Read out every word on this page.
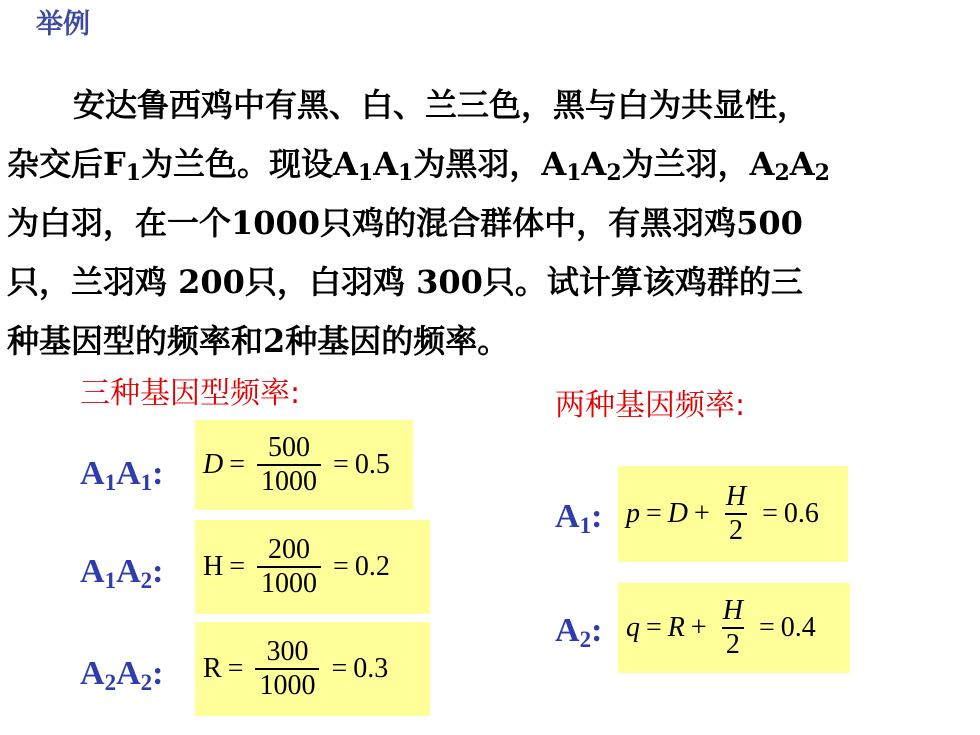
举例
安达鲁西鸡中有黑、白、兰三色，黑与白为共显性，
杂交后$F_1$为兰色。现设$A_1A_1$为黑羽，$A_1A_2$为兰羽，$A_2A_2$
为白羽，在一个1000只鸡的混合群体中，有黑羽鸡500
只，兰羽鸡 200只，白羽鸡 300只。试计算该鸡群的三
种基因型的频率和2种基因的频率。
三种基因型频率:
$A_1A_1$: $D = \frac{500}{1000} = 0.5$
$A_1A_2$: $H = \frac{200}{1000} = 0.2$
$A_2A_2$: $R = \frac{300}{1000} = 0.3$
两种基因频率:
$A_1$: $p = D + \frac{H}{2} = 0.6$
$A_2$: $q = R + \frac{H}{2} = 0.4$
